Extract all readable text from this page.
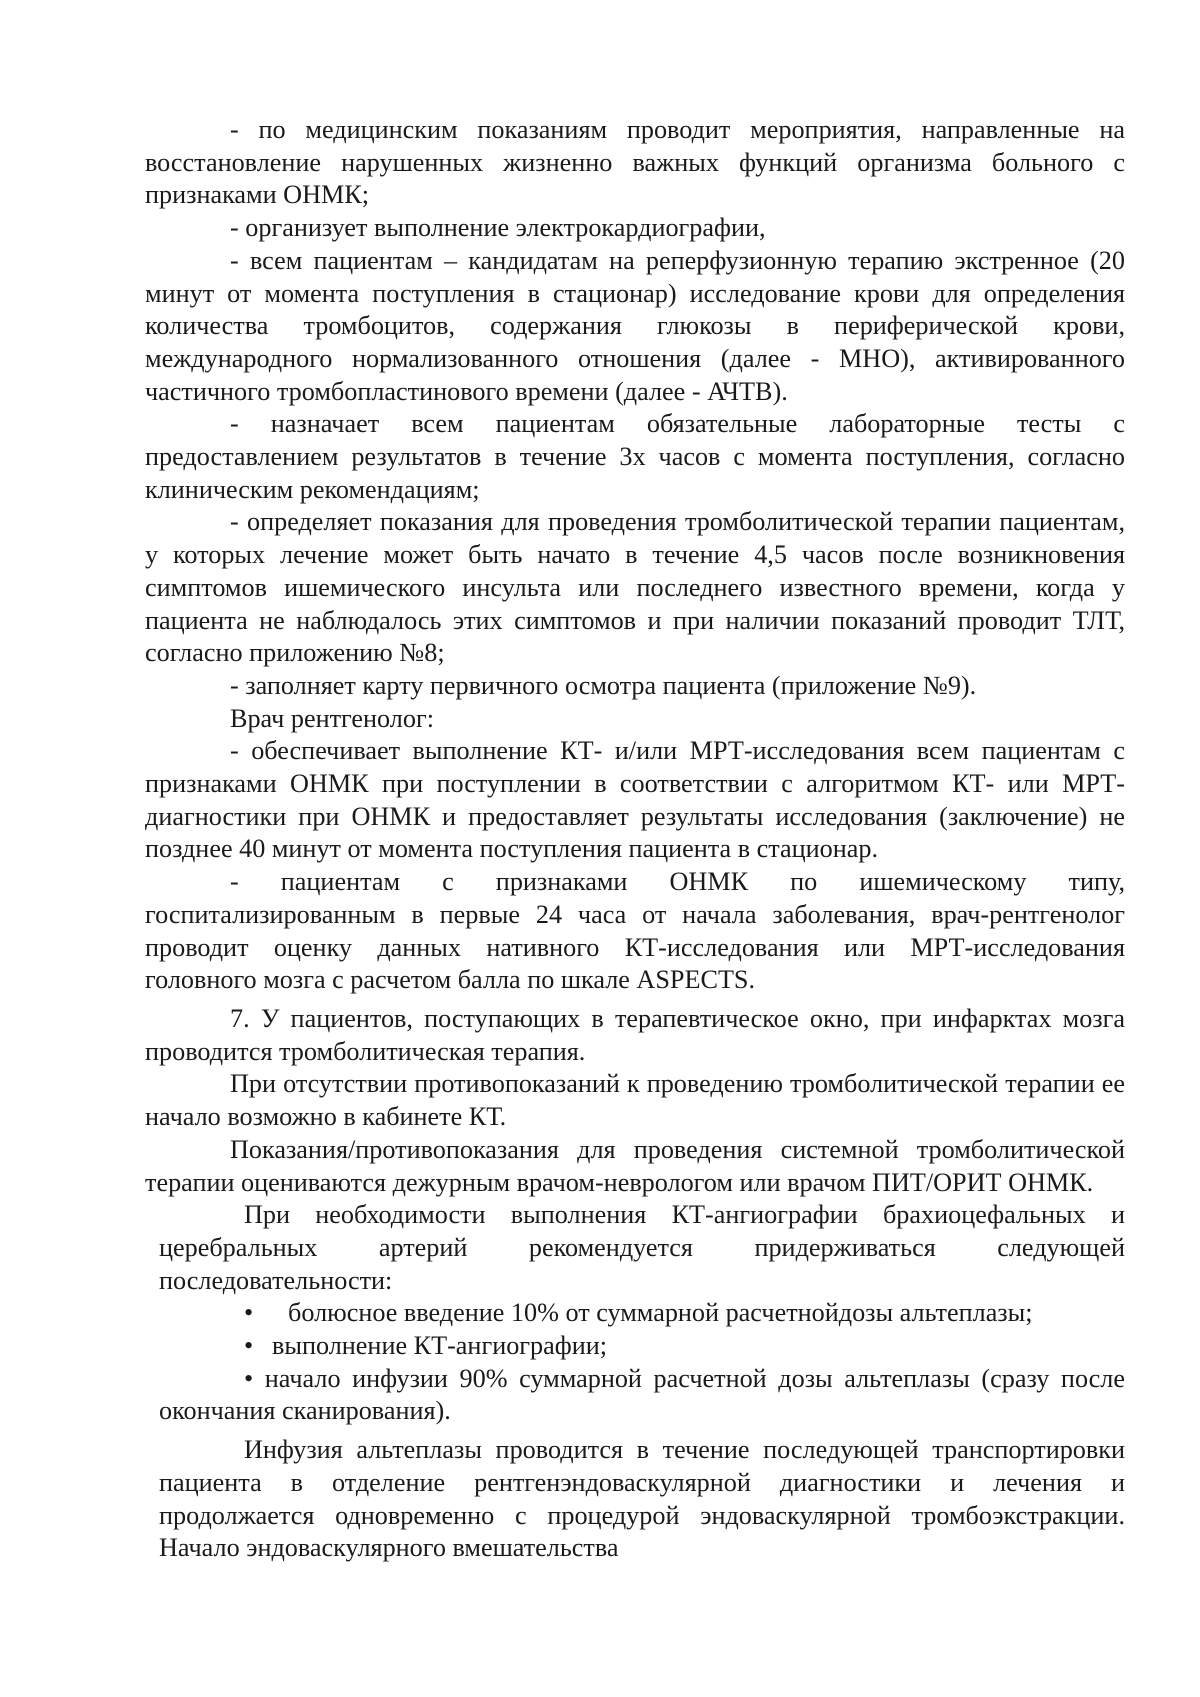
- по медицинским показаниям проводит мероприятия, направленные на восстановление нарушенных жизненно важных функций организма больного с признаками ОНМК;

- организует выполнение электрокардиографии,

- всем пациентам – кандидатам на реперфузионную терапию экстренное (20 минут от момента поступления в стационар) исследование крови для определения количества тромбоцитов, содержания глюкозы в периферической крови, международного нормализованного отношения (далее - МНО), активированного частичного тромбопластинового времени (далее - АЧТВ).

- назначает всем пациентам обязательные лабораторные тесты с предоставлением результатов в течение 3х часов с момента поступления, согласно клиническим рекомендациям;

- определяет показания для проведения тромболитической терапии пациентам, у которых лечение может быть начато в течение 4,5 часов после возникновения симптомов ишемического инсульта или последнего известного времени, когда у пациента не наблюдалось этих симптомов и при наличии показаний проводит ТЛТ, согласно приложению №8;

- заполняет карту первичного осмотра пациента (приложение №9).

Врач рентгенолог:

- обеспечивает выполнение КТ- и/или МРТ-исследования всем пациентам с признаками ОНМК при поступлении в соответствии с алгоритмом КТ- или МРТ-диагностики при ОНМК и предоставляет результаты исследования (заключение) не позднее 40 минут от момента поступления пациента в стационар.

- пациентам с признаками ОНМК по ишемическому типу, госпитализированным в первые 24 часа от начала заболевания, врач-рентгенолог проводит оценку данных нативного КТ-исследования или МРТ-исследования головного мозга с расчетом балла по шкале ASPECTS.

7. У пациентов, поступающих в терапевтическое окно, при инфарктах мозга проводится тромболитическая терапия.

При отсутствии противопоказаний к проведению тромболитической терапии ее начало возможно в кабинете КТ.

Показания/противопоказания для проведения системной тромболитической терапии оцениваются дежурным врачом-неврологом или врачом ПИТ/ОРИТ ОНМК.

При необходимости выполнения КТ-ангиографии брахиоцефальных и церебральных артерий рекомендуется придерживаться следующей последовательности:

• болюсное введение 10% от суммарной расчетнойдозы альтеплазы;

• выполнение КТ-ангиографии;

• начало инфузии 90% суммарной расчетной дозы альтеплазы (сразу после окончания сканирования).

Инфузия альтеплазы проводится в течение последующей транспортировки пациента в отделение рентгенэндоваскулярной диагностики и лечения и продолжается одновременно с процедурой эндоваскулярной тромбоэкстракции. Начало эндоваскулярного вмешательства
